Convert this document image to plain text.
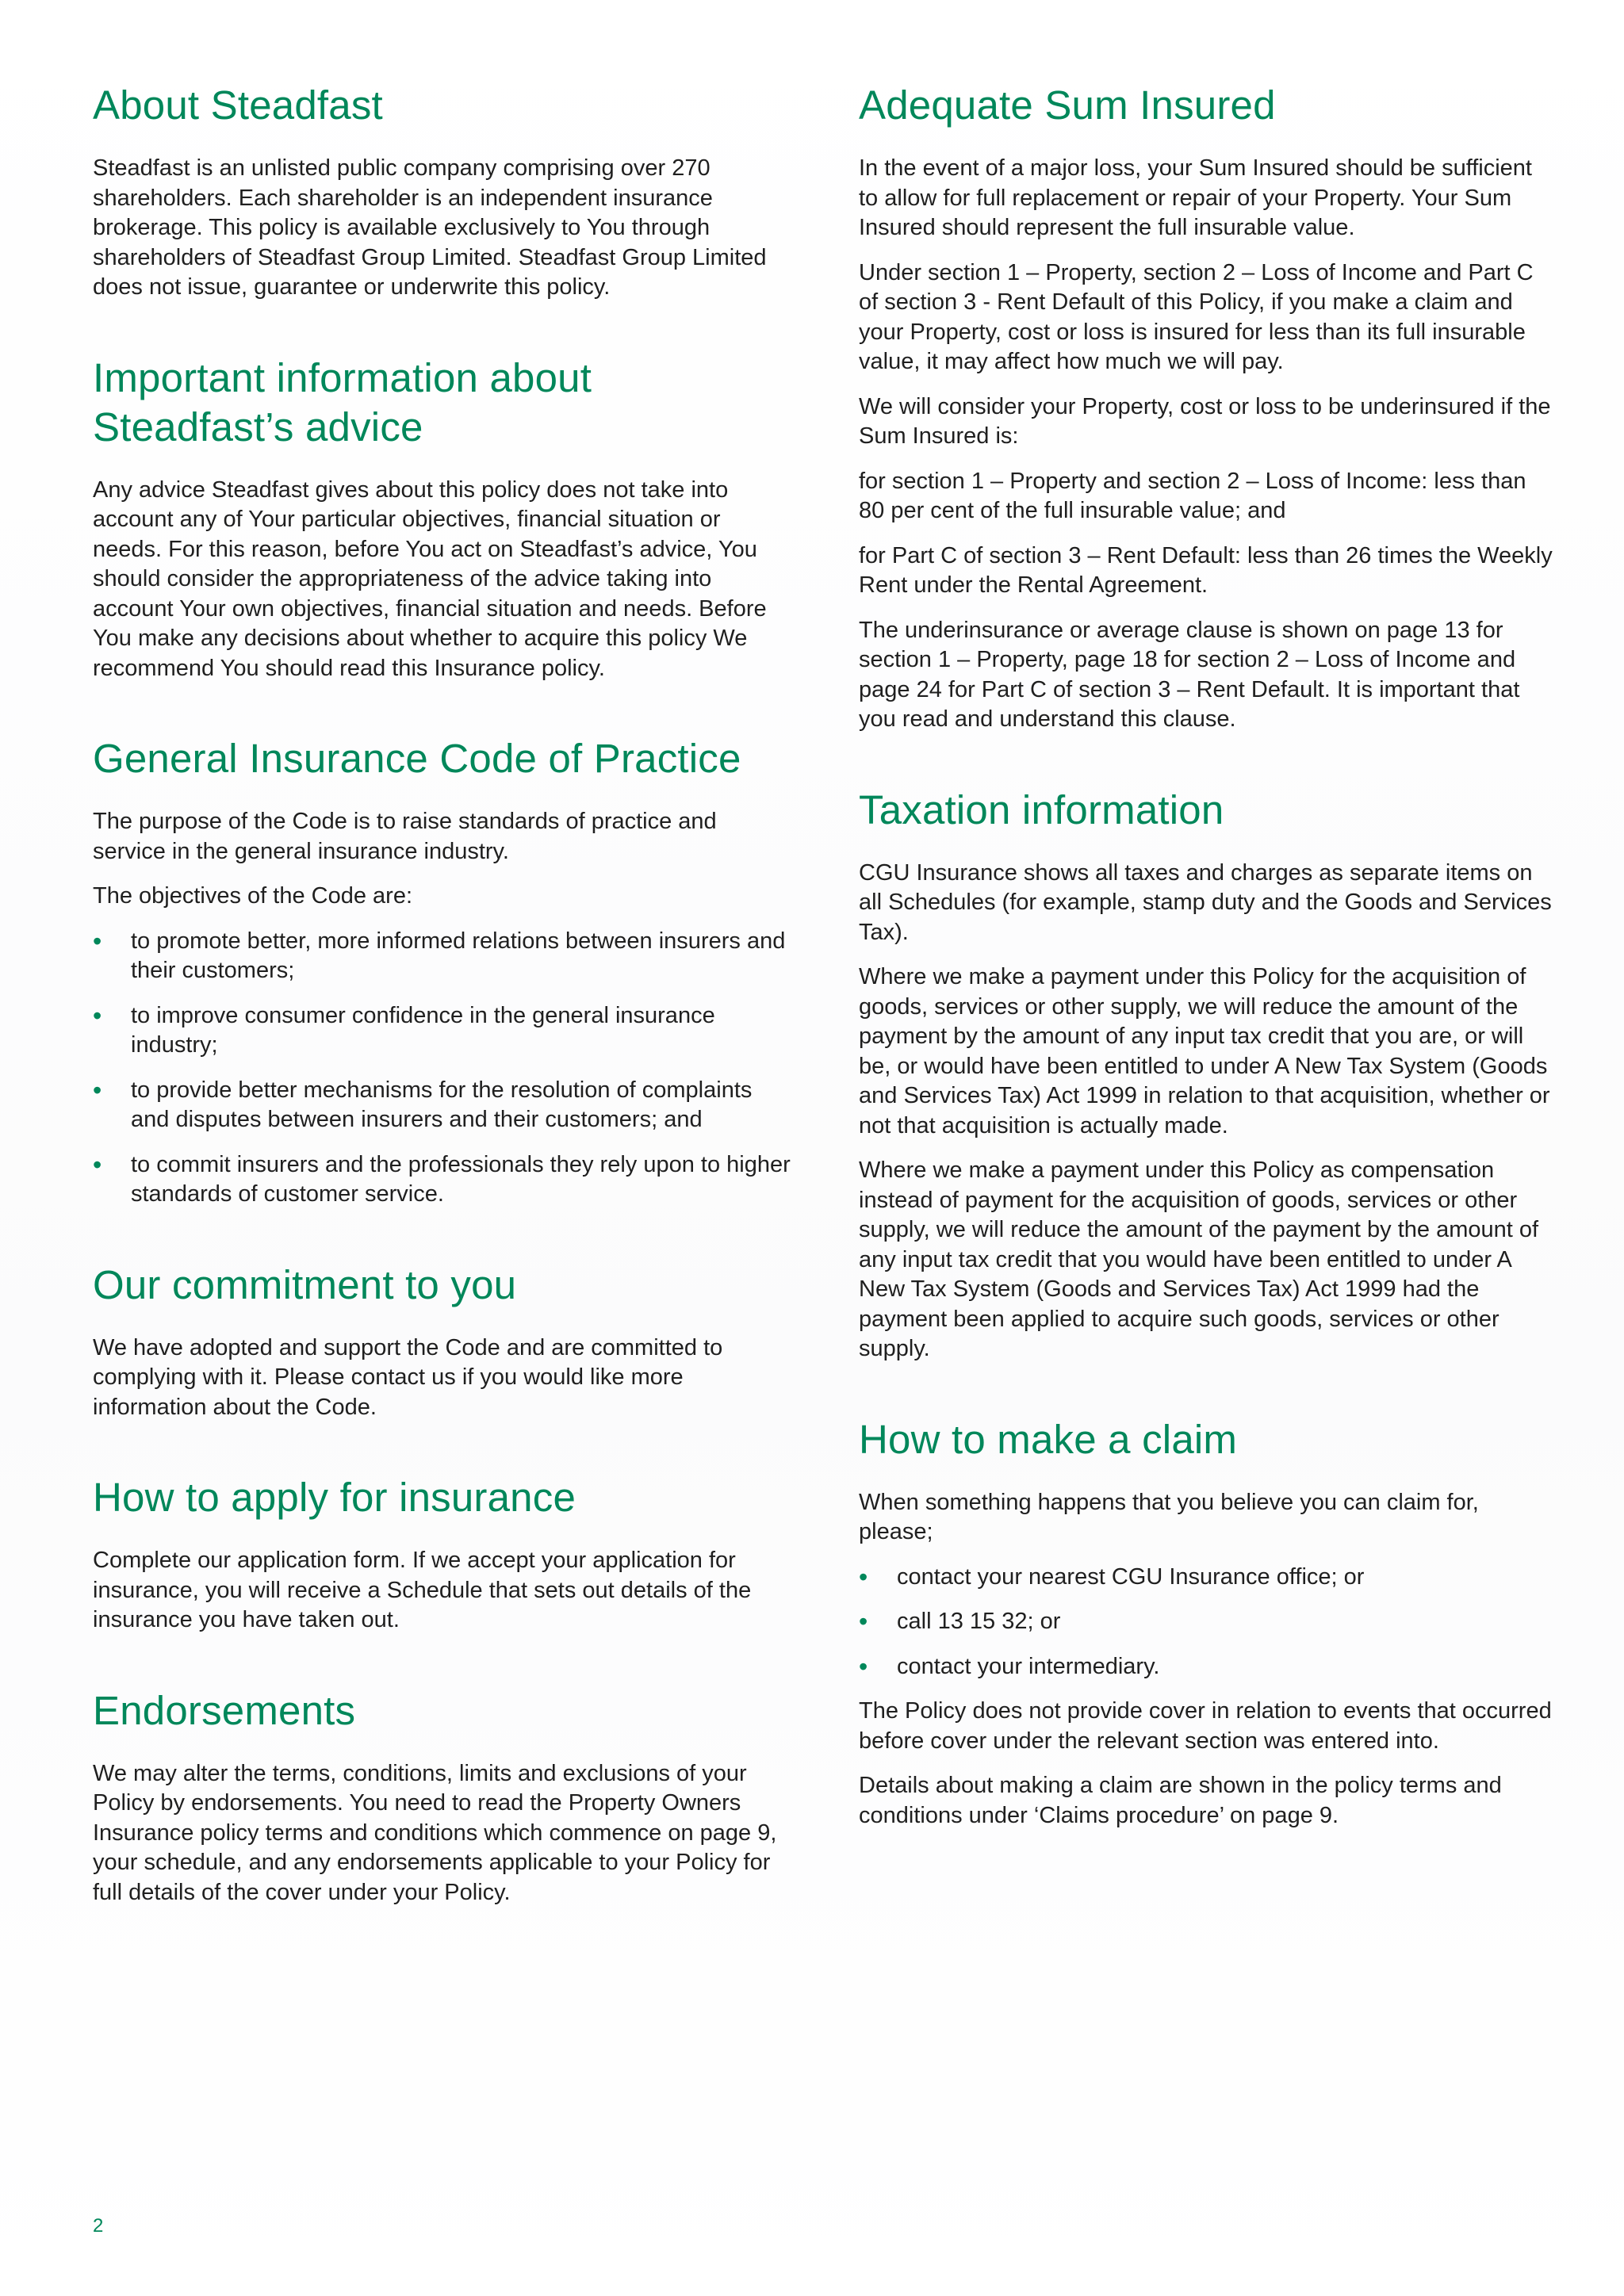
About Steadfast

Steadfast is an unlisted public company comprising over 270 shareholders. Each shareholder is an independent insurance brokerage. This policy is available exclusively to You through shareholders of Steadfast Group Limited. Steadfast Group Limited does not issue, guarantee or underwrite this policy.

Important information about
Steadfast’s advice

Any advice Steadfast gives about this policy does not take into account any of Your particular objectives, financial situation or needs. For this reason, before You act on Steadfast’s advice, You should consider the appropriateness of the advice taking into account Your own objectives, financial situation and needs. Before You make any decisions about whether to acquire this policy We recommend You should read this Insurance policy.

General Insurance Code of Practice

The purpose of the Code is to raise standards of practice and service in the general insurance industry.

The objectives of the Code are:

• to promote better, more informed relations between insurers and their customers;
• to improve consumer confidence in the general insurance industry;
• to provide better mechanisms for the resolution of complaints and disputes between insurers and their customers; and
• to commit insurers and the professionals they rely upon to higher standards of customer service.
Our commitment to you

We have adopted and support the Code and are committed to complying with it. Please contact us if you would like more information about the Code.

How to apply for insurance

Complete our application form. If we accept your application for insurance, you will receive a Schedule that sets out details of the insurance you have taken out.

Endorsements

We may alter the terms, conditions, limits and exclusions of your Policy by endorsements. You need to read the Property Owners Insurance policy terms and conditions which commence on page 9, your schedule, and any endorsements applicable to your Policy for full details of the cover under your Policy.

Adequate Sum Insured

In the event of a major loss, your Sum Insured should be sufficient to allow for full replacement or repair of your Property. Your Sum Insured should represent the full insurable value.

Under section 1 – Property, section 2 – Loss of Income and Part C of section 3 - Rent Default of this Policy, if you make a claim and your Property, cost or loss is insured for less than its full insurable value, it may affect how much we will pay.

We will consider your Property, cost or loss to be underinsured if the Sum Insured is:

for section 1 – Property and section 2 – Loss of Income: less than 80 per cent of the full insurable value; and

for Part C of section 3 – Rent Default: less than 26 times the Weekly Rent under the Rental Agreement.

The underinsurance or average clause is shown on page 13 for section 1 – Property, page 18 for section 2 – Loss of Income and page 24 for Part C of section 3 – Rent Default. It is important that you read and understand this clause.

Taxation information

CGU Insurance shows all taxes and charges as separate items on all Schedules (for example, stamp duty and the Goods and Services Tax).

Where we make a payment under this Policy for the acquisition of goods, services or other supply, we will reduce the amount of the payment by the amount of any input tax credit that you are, or will be, or would have been entitled to under A New Tax System (Goods and Services Tax) Act 1999 in relation to that acquisition, whether or not that acquisition is actually made.

Where we make a payment under this Policy as compensation instead of payment for the acquisition of goods, services or other supply, we will reduce the amount of the payment by the amount of any input tax credit that you would have been entitled to under A New Tax System (Goods and Services Tax) Act 1999 had the payment been applied to acquire such goods, services or other supply.

How to make a claim

When something happens that you believe you can claim for, please;

• contact your nearest CGU Insurance office; or
• call 13 15 32; or
• contact your intermediary.

The Policy does not provide cover in relation to events that occurred before cover under the relevant section was entered into.

Details about making a claim are shown in the policy terms and conditions under ‘Claims procedure’ on page 9.

2
